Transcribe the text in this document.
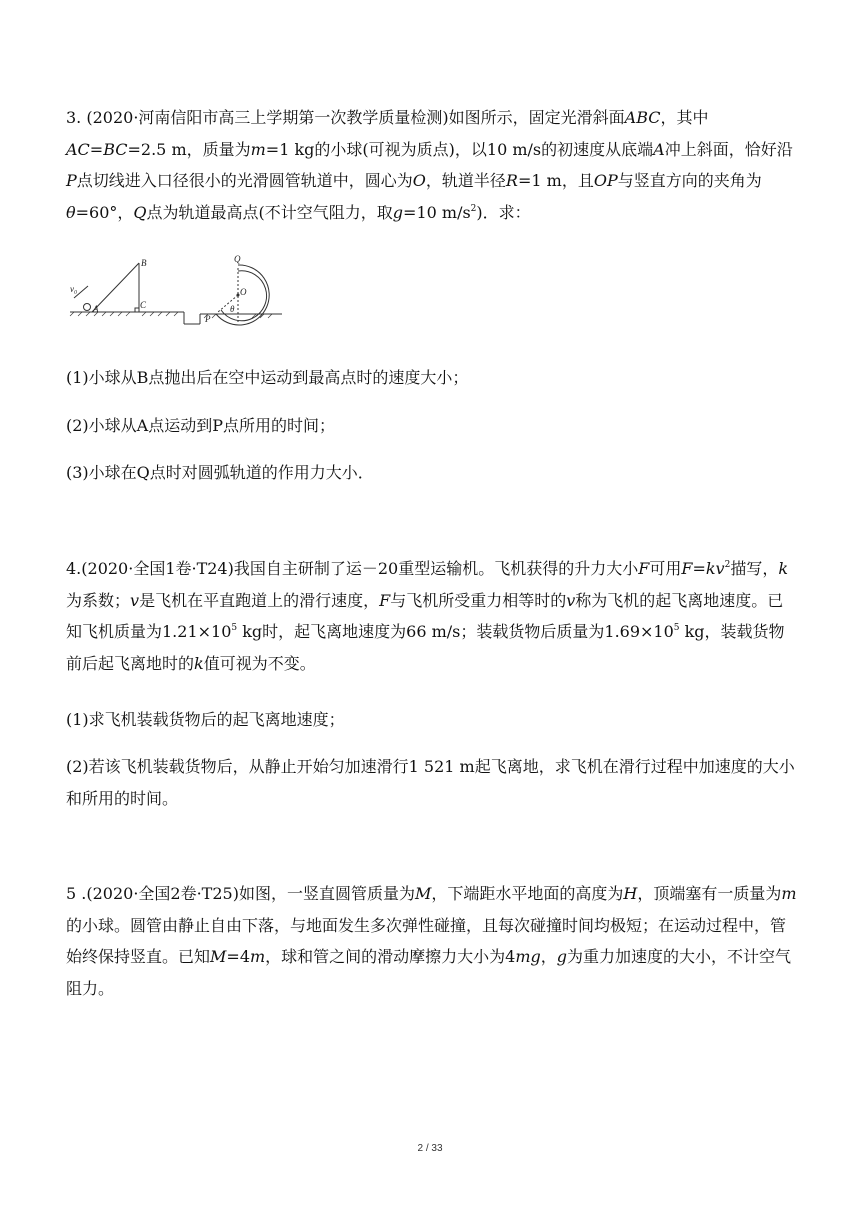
3. (2020·河南信阳市高三上学期第一次教学质量检测)如图所示，固定光滑斜面ABC，其中AC=BC=2.5 m，质量为m=1 kg的小球(可视为质点)，以10 m/s的初速度从底端A冲上斜面，恰好沿 P点切线进入口径很小的光滑圆管轨道中，圆心为O，轨道半径R=1 m，且OP与竖直方向的夹角为θ=60°，Q点为轨道最高点(不计空气阻力，取g=10 $m/s^2$)．求：
v₀
A
B
C
Q
O
P
θ
(1)小球从B点抛出后在空中运动到最高点时的速度大小；
(2)小球从A点运动到P点所用的时间；
(3)小球在Q点时对圆弧轨道的作用力大小．
4.(2020·全国1卷·T24)我国自主研制了运－20重型运输机。飞机获得的升力大小F可用$F=kv^2$描写，k为系数；v是飞机在平直跑道上的滑行速度，F与飞机所受重力相等时的v称为飞机的起飞离地速度。已知飞机质量为$1.21\times 10^5$ kg时，起飞离地速度为66 m/s；装载货物后质量为$1.69\times 10^5$ kg，装载货物前后起飞离地时的k值可视为不变。
(1)求飞机装载货物后的起飞离地速度；
(2)若该飞机装载货物后，从静止开始匀加速滑行1 521 m起飞离地，求飞机在滑行过程中加速度的大小和所用的时间。
5 .(2020·全国2卷·T25)如图，一竖直圆管质量为M，下端距水平地面的高度为H，顶端塞有一质量为m的小球。圆管由静止自由下落，与地面发生多次弹性碰撞，且每次碰撞时间均极短；在运动过程中，管始终保持竖直。已知M=4m，球和管之间的滑动摩擦力大小为4mg，g为重力加速度的大小，不计空气阻力。
2 / 33
